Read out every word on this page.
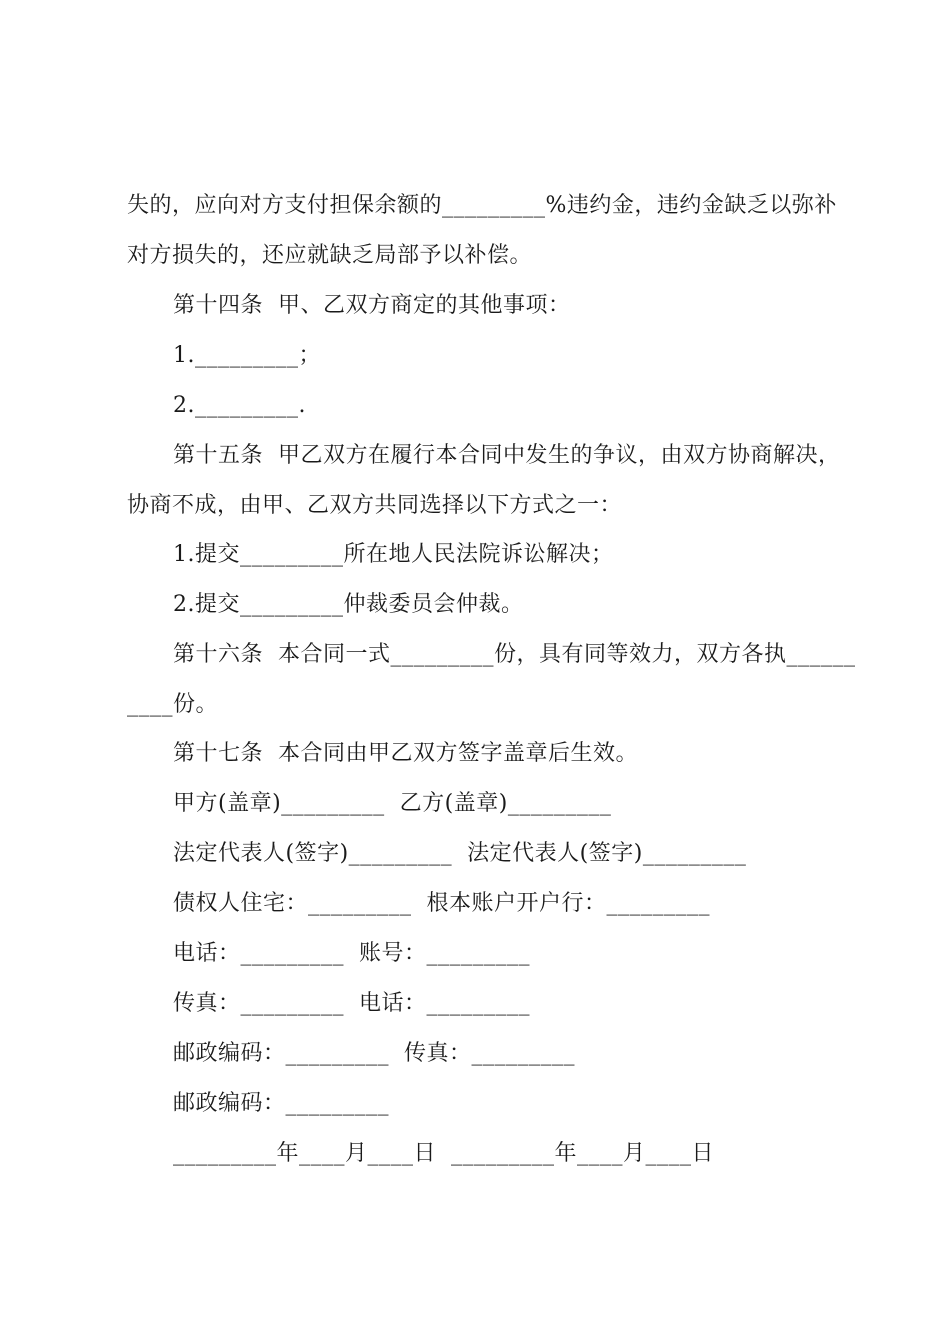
失的，应向对方支付担保余额的_________%违约金，违约金缺乏以弥补
对方损失的，还应就缺乏局部予以补偿。
第十四条  甲、乙双方商定的其他事项：
1._________；
2._________.
第十五条  甲乙双方在履行本合同中发生的争议，由双方协商解决，
协商不成，由甲、乙双方共同选择以下方式之一：
1.提交_________所在地人民法院诉讼解决；
2.提交_________仲裁委员会仲裁。
第十六条  本合同一式_________份，具有同等效力，双方各执______
____份。
第十七条  本合同由甲乙双方签字盖章后生效。
甲方(盖章)_________  乙方(盖章)_________
法定代表人(签字)_________  法定代表人(签字)_________
债权人住宅：_________  根本账户开户行：_________
电话：_________  账号：_________
传真：_________  电话：_________
邮政编码：_________  传真：_________
邮政编码：_________
_________年____月____日  _________年____月____日
